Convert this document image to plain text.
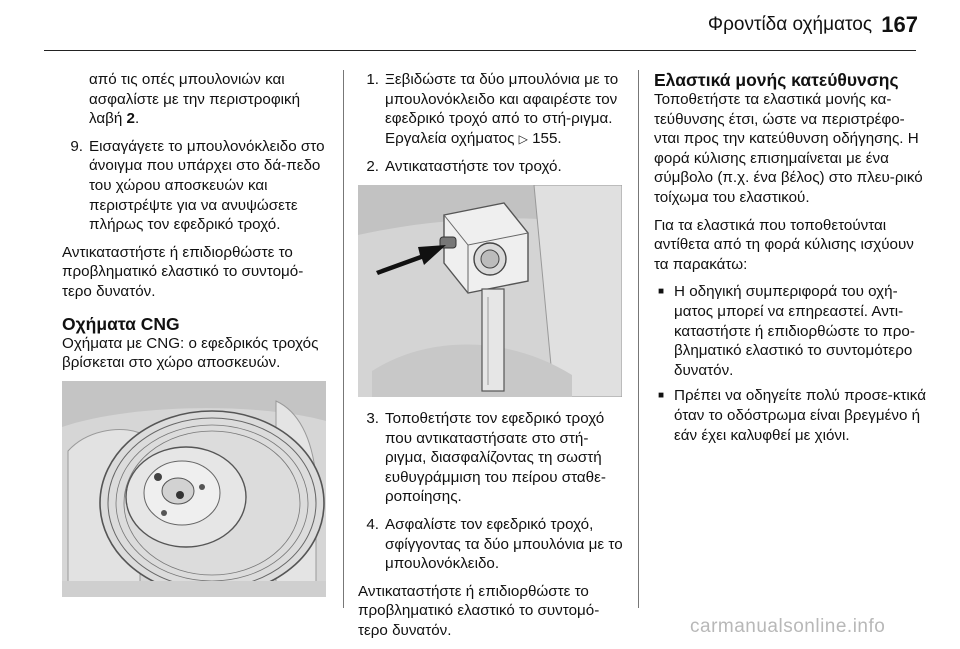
Φροντίδα οχήματος 167

από τις οπές μπουλονιών και ασφαλίστε με την περιστροφική λαβή 2.

9. Εισαγάγετε το μπουλονόκλειδο στο άνοιγμα που υπάρχει στο δά-πεδο του χώρου αποσκευών και περιστρέψτε για να ανυψώσετε πλήρως τον εφεδρικό τροχό.

Αντικαταστήστε ή επιδιορθώστε το προβληματικό ελαστικό το συντομό-τερο δυνατόν.

Οχήματα CNG

Οχήματα με CNG: ο εφεδρικός τροχός βρίσκεται στο χώρο αποσκευών.

1. Ξεβιδώστε τα δύο μπουλόνια με το μπουλονόκλειδο και αφαιρέστε τον εφεδρικό τροχό από το στή-ριγμα. Εργαλεία οχήματος ▷ 155.
2. Αντικαταστήστε τον τροχό.
3. Τοποθετήστε τον εφεδρικό τροχό που αντικαταστήσατε στο στή-ριγμα, διασφαλίζοντας τη σωστή ευθυγράμμιση του πείρου σταθε-ροποίησης.
4. Ασφαλίστε τον εφεδρικό τροχό, σφίγγοντας τα δύο μπουλόνια με το μπουλονόκλειδο.

Αντικαταστήστε ή επιδιορθώστε το προβληματικό ελαστικό το συντομό-τερο δυνατόν.

Ελαστικά μονής κατεύθυνσης

Τοποθετήστε τα ελαστικά μονής κα-τεύθυνσης έτσι, ώστε να περιστρέφο-νται προς την κατεύθυνση οδήγησης. Η φορά κύλισης επισημαίνεται με ένα σύμβολο (π.χ. ένα βέλος) στο πλευ-ρικό τοίχωμα του ελαστικού.

Για τα ελαστικά που τοποθετούνται αντίθετα από τη φορά κύλισης ισχύουν τα παρακάτω:

■ Η οδηγική συμπεριφορά του οχή-ματος μπορεί να επηρεαστεί. Αντι-καταστήστε ή επιδιορθώστε το προ-βληματικό ελαστικό το συντομότερο δυνατόν.
■ Πρέπει να οδηγείτε πολύ προσε-κτικά όταν το οδόστρωμα είναι βρεγμένο ή εάν έχει καλυφθεί με χιόνι.
carmanualsonline.info
